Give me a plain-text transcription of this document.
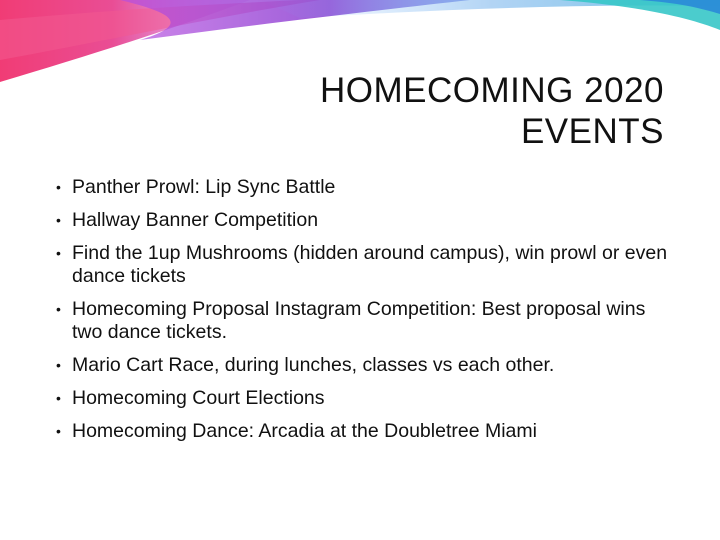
HOMECOMING 2020
EVENTS
• Panther Prowl: Lip Sync Battle
• Hallway Banner Competition
• Find the 1up Mushrooms (hidden around campus), win prowl or even dance tickets
• Homecoming Proposal Instagram Competition: Best proposal wins two dance tickets.
• Mario Cart Race, during lunches, classes vs each other.
• Homecoming Court Elections
• Homecoming Dance: Arcadia at the Doubletree Miami
